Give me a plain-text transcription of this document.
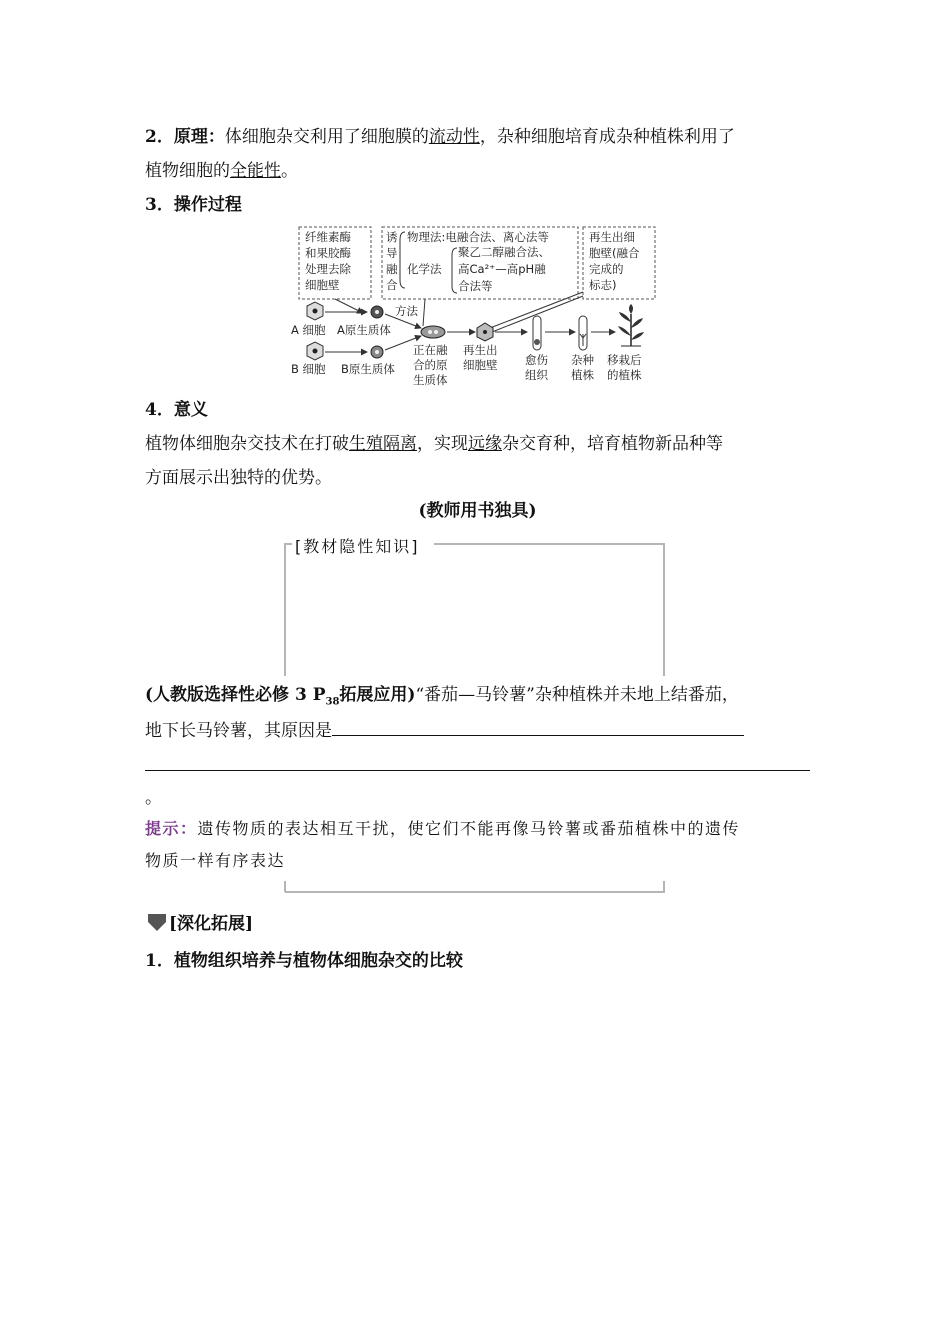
2．原理：体细胞杂交利用了细胞膜的流动性，杂种细胞培育成杂种植株利用了
植物细胞的全能性。
3．操作过程
纤维素酶
和果胶酶
处理去除
细胞壁
诱
导
融
合
物理法:电融合法、离心法等
化学法
聚乙二醇融合法、
高Ca²⁺—高pH融
合法等
再生出细
胞壁(融合
完成的
标志)
A 细胞 A原生质体
方法
B 细胞 B原生质体
正在融
合的原
生质体
再生出
细胞壁 愈伤
组织
杂种
植株
移栽后
的植株
4．意义
植物体细胞杂交技术在打破生殖隔离，实现远缘杂交育种，培育植物新品种等
方面展示出独特的优势。
(教师用书独具)
[教材隐性知识]
(人教版选择性必修 3 $P_{38}$拓展应用)“番茄—马铃薯”杂种植株并未地上结番茄，
地下长马铃薯，其原因是
。
提示：遗传物质的表达相互干扰，使它们不能再像马铃薯或番茄植株中的遗传
物质一样有序表达
[深化拓展]
1．植物组织培养与植物体细胞杂交的比较
